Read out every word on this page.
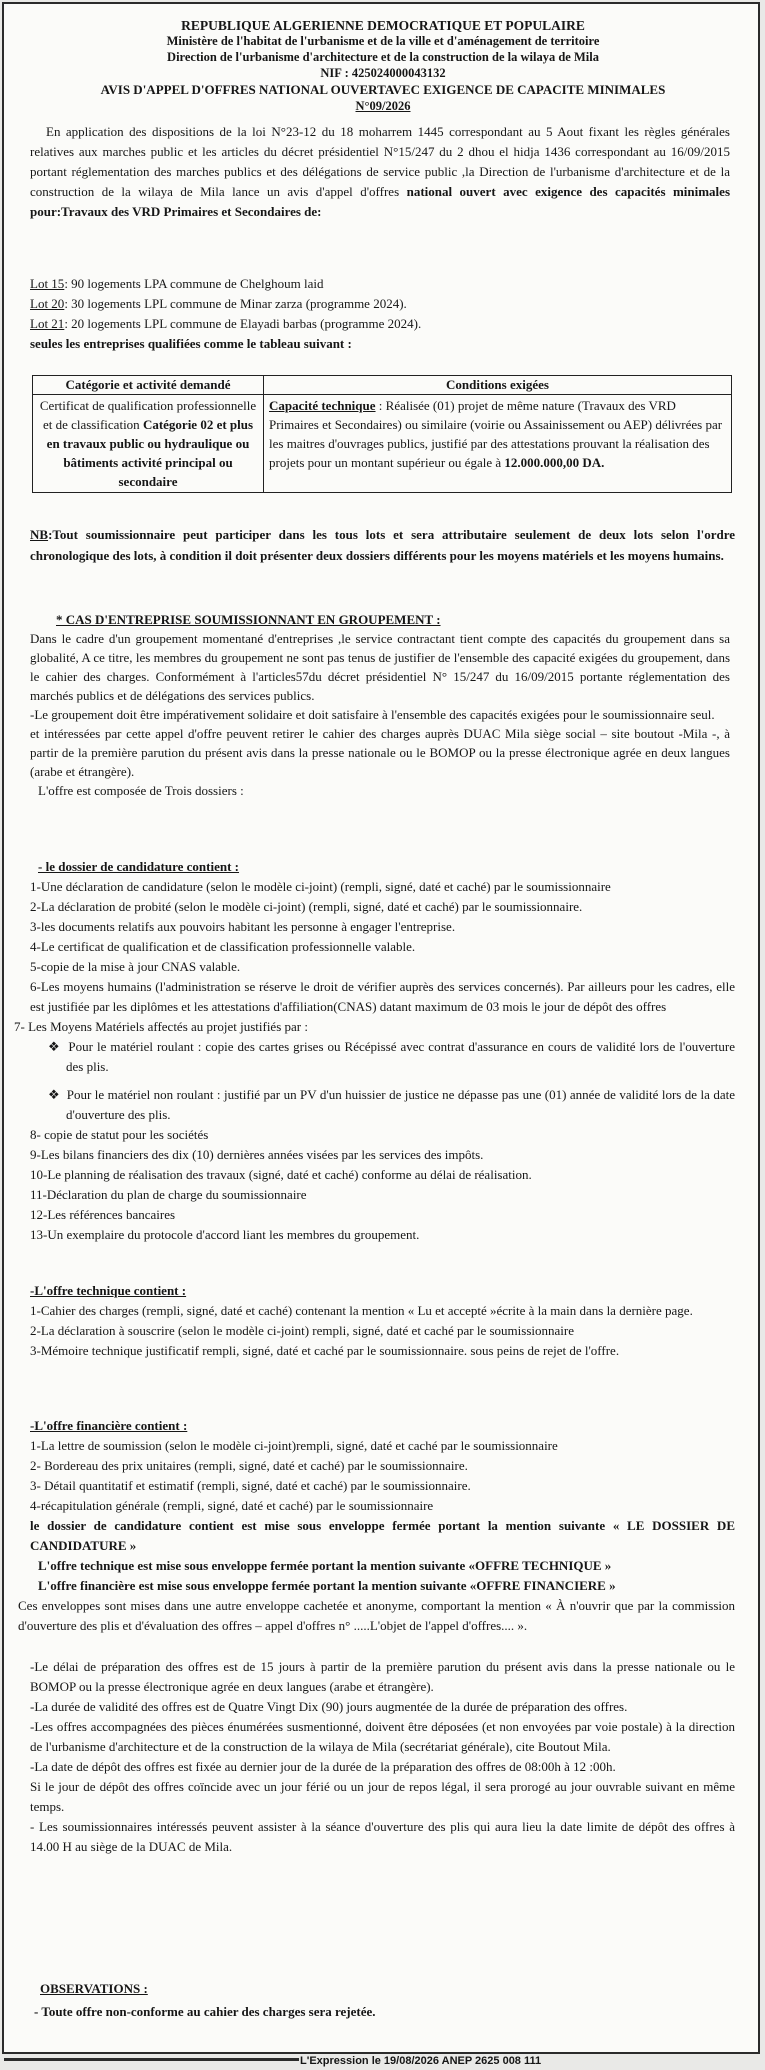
REPUBLIQUE ALGERIENNE DEMOCRATIQUE ET POPULAIRE
Ministère de l'habitat de l'urbanisme et de la ville et d'aménagement de territoire
Direction de l'urbanisme d'architecture et de la construction de la wilaya de Mila
NIF : 425024000043132
AVIS D'APPEL D'OFFRES NATIONAL OUVERTAVEC EXIGENCE DE CAPACITE MINIMALES
N°09/2026
En application des dispositions de la loi N°23-12 du 18 moharrem 1445 correspondant au 5 Aout fixant les règles générales relatives aux marches public et les articles du décret présidentiel N°15/247 du 2 dhou el hidja 1436 correspondant au 16/09/2015 portant réglementation des marches publics et des délégations de service public ,la Direction de l'urbanisme d'architecture et de la construction de la wilaya de Mila lance un avis d'appel d'offres national ouvert avec exigence des capacités minimales pour:Travaux des VRD Primaires et Secondaires de:
Lot 15: 90 logements LPA commune de Chelghoum laid
Lot 20: 30 logements LPL commune de Minar zarza (programme 2024).
Lot 21: 20 logements LPL commune de Elayadi barbas (programme 2024).
seules les entreprises qualifiées comme le tableau suivant :
Catégorie et activité demandé	Conditions exigées
Certificat de qualification professionnelle et de classification Catégorie 02 et plus en travaux public ou hydraulique ou bâtiments activité principal ou secondaire	Capacité technique : Réalisée (01) projet de même nature (Travaux des VRD Primaires et Secondaires) ou similaire (voirie ou Assainissement ou AEP) délivrées par les maitres d'ouvrages publics, justifié par des attestations prouvant la réalisation des projets pour un montant supérieur ou égale à 12.000.000,00 DA.
NB:Tout soumissionnaire peut participer dans les tous lots et sera attributaire seulement de deux lots selon l'ordre chronologique des lots, à condition il doit présenter deux dossiers différents pour les moyens matériels et les moyens humains.
* CAS D'ENTREPRISE SOUMISSIONNANT EN GROUPEMENT :
Dans le cadre d'un groupement momentané d'entreprises ,le service contractant tient compte des capacités du groupement dans sa globalité, A ce titre, les membres du groupement ne sont pas tenus de justifier de l'ensemble des capacité exigées du groupement, dans le cahier des charges. Conformément à l'articles57du décret présidentiel N° 15/247 du 16/09/2015 portante réglementation des marchés publics et de délégations des services publics.
-Le groupement doit être impérativement solidaire et doit satisfaire à l'ensemble des capacités exigées pour le soumissionnaire seul.
et intéressées par cette appel d'offre peuvent retirer le cahier des charges auprès DUAC Mila siège social – site boutout -Mila -, à partir de la première parution du présent avis dans la presse nationale ou le BOMOP ou la presse électronique agrée en deux langues (arabe et étrangère).
L'offre est composée de Trois dossiers :
- le dossier de candidature contient :
1-Une déclaration de candidature (selon le modèle ci-joint) (rempli, signé, daté et caché) par le soumissionnaire
2-La déclaration de probité (selon le modèle ci-joint) (rempli, signé, daté et caché) par le soumissionnaire.
3-les documents relatifs aux pouvoirs habitant les personne à engager l'entreprise.
4-Le certificat de qualification et de classification professionnelle valable.
5-copie de la mise à jour CNAS valable.
6-Les moyens humains (l'administration se réserve le droit de vérifier auprès des services concernés). Par ailleurs pour les cadres, elle est justifiée par les diplômes et les attestations d'affiliation(CNAS) datant maximum de 03 mois le jour de dépôt des offres
7- Les Moyens Matériels affectés au projet justifiés par :
❖  Pour le matériel roulant : copie des cartes grises ou Récépissé avec contrat d'assurance en cours de validité lors de l'ouverture des plis.
❖  Pour le matériel non roulant : justifié par un PV d'un huissier de justice ne dépasse pas une (01) année de validité lors de la date d'ouverture des plis.
8- copie de statut pour les sociétés
9-Les bilans financiers des dix (10) dernières années visées par les services des impôts.
10-Le planning de réalisation des travaux (signé, daté et caché) conforme au délai de réalisation.
11-Déclaration du plan de charge du soumissionnaire
12-Les références bancaires
13-Un exemplaire du protocole d'accord liant les membres du groupement.
-L'offre technique contient :
1-Cahier des charges (rempli, signé, daté et caché) contenant la mention « Lu et accepté »écrite à la main dans la dernière page.
2-La déclaration à souscrire (selon le modèle ci-joint) rempli, signé, daté et caché par le soumissionnaire
3-Mémoire technique justificatif rempli, signé, daté et caché par le soumissionnaire. sous peins de rejet de l'offre.
-L'offre financière contient :
1-La lettre de soumission (selon le modèle ci-joint)rempli, signé, daté et caché par le soumissionnaire
2- Bordereau des prix unitaires (rempli, signé, daté et caché) par le soumissionnaire.
3- Détail quantitatif et estimatif (rempli, signé, daté et caché) par le soumissionnaire.
4-récapitulation générale (rempli, signé, daté et caché) par le soumissionnaire
le dossier de candidature contient est mise sous enveloppe fermée portant la mention suivante « LE DOSSIER DE CANDIDATURE »
L'offre technique est mise sous enveloppe fermée portant la mention suivante «OFFRE TECHNIQUE »
L'offre financière est mise sous enveloppe fermée portant la mention suivante «OFFRE FINANCIERE »
Ces enveloppes sont mises dans une autre enveloppe cachetée et anonyme, comportant la mention « À n'ouvrir que par la commission d'ouverture des plis et d'évaluation des offres – appel d'offres n° .....L'objet de l'appel d'offres.... ».
-Le délai de préparation des offres est de 15 jours à partir de la première parution du présent avis dans la presse nationale ou le BOMOP ou la presse électronique agrée en deux langues (arabe et étrangère).
-La durée de validité des offres est de Quatre Vingt Dix (90) jours augmentée de la durée de préparation des offres.
-Les offres accompagnées des pièces énumérées susmentionné, doivent être déposées (et non envoyées par voie postale) à la direction de l'urbanisme d'architecture et de la construction de la wilaya de Mila (secrétariat générale), cite Boutout Mila.
-La date de dépôt des offres est fixée au dernier jour de la durée de la préparation des offres de 08:00h à 12 :00h.
Si le jour de dépôt des offres coïncide avec un jour férié ou un jour de repos légal, il sera prorogé au jour ouvrable suivant en même temps.
- Les soumissionnaires intéressés peuvent assister à la séance d'ouverture des plis qui aura lieu la date limite de dépôt des offres à 14.00 H au siège de la DUAC de Mila.
OBSERVATIONS :
- Toute offre non-conforme au cahier des charges sera rejetée.
L'Expression le 19/08/2026 ANEP 2625 008 111
